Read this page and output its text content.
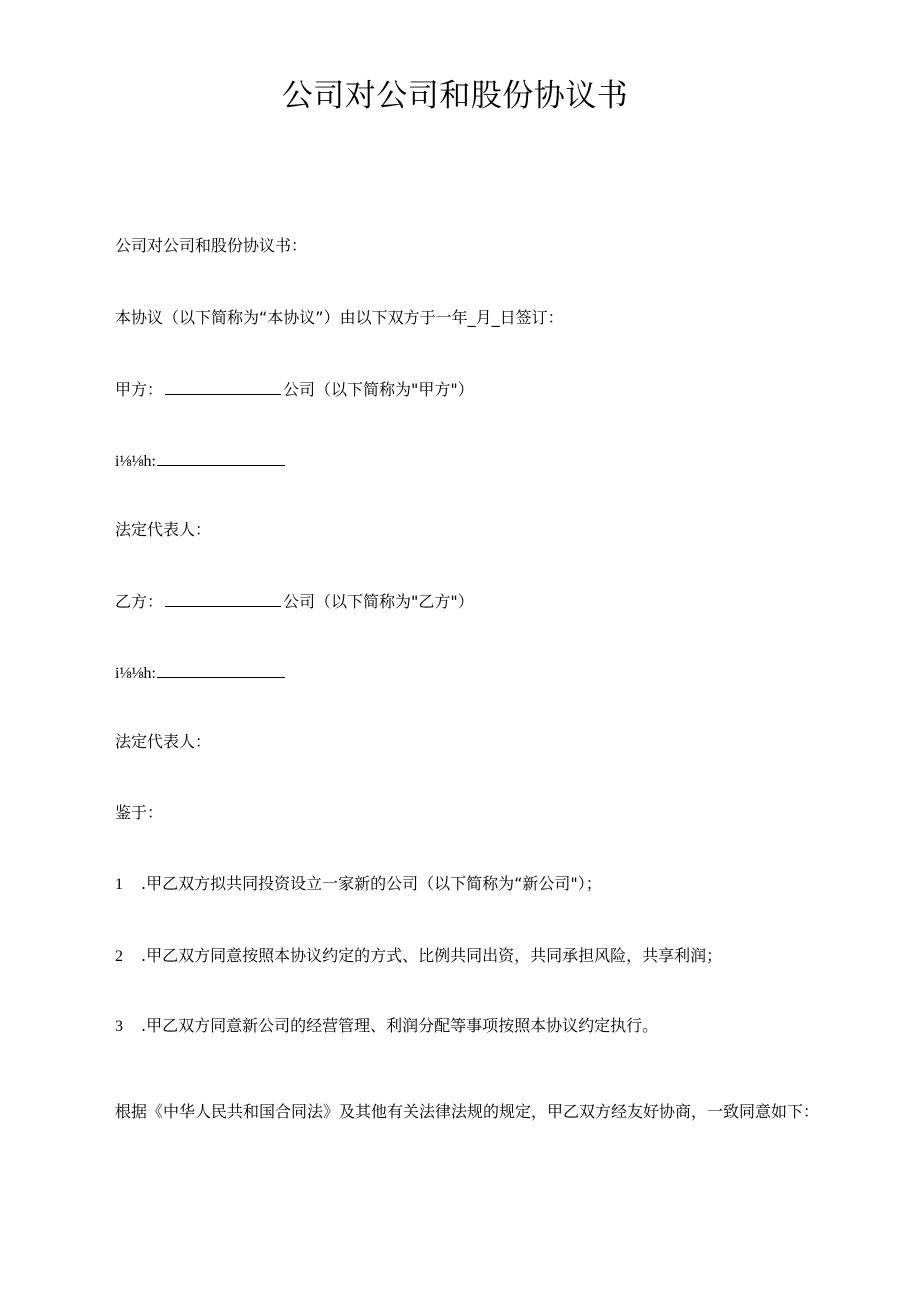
公司对公司和股份协议书

公司对公司和股份协议书：

本协议（以下简称为“本协议”）由以下双方于一年_月_日签订：

甲方：	公司（以下简称为"甲方"）

i⅛⅛h:

法定代表人：

乙方：	公司（以下简称为"乙方"）

i⅛⅛h:

法定代表人：

鉴于：

1 .甲乙双方拟共同投资设立一家新的公司（以下简称为“新公司"）；

2 .甲乙双方同意按照本协议约定的方式、比例共同出资，共同承担风险，共享利润；

3 .甲乙双方同意新公司的经营管理、利润分配等事项按照本协议约定执行。

根据《中华人民共和国合同法》及其他有关法律法规的规定，甲乙双方经友好协商，一致同意如下：
